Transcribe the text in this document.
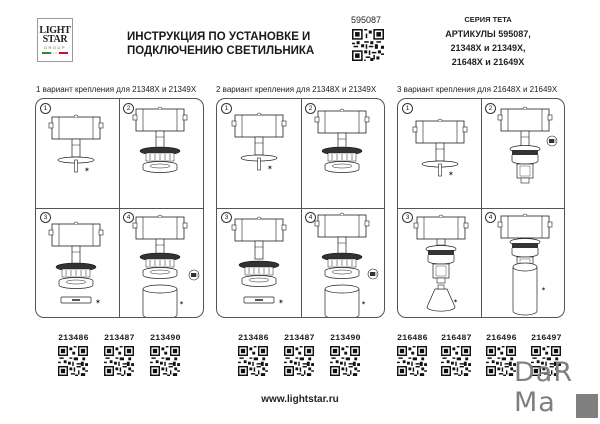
LIGHT
STAR
GROUP
ИНСТРУКЦИЯ ПО УСТАНОВКЕ И
ПОДКЛЮЧЕНИЮ СВЕТИЛЬНИКА
595087	СЕРИЯ TETA
АРТИКУЛЫ 595087,
21348X и 21349X,
21648X и 21649X
1 вариант крепления для 21348X и 21349X 2 вариант крепления для 21348X и 21349X	3 вариант крепления для 21648X и 21649X
1	2
3	4
1	2
3	4
1	2
3	4
213486 213487 213490	213486 213487 213490	216486 216487 216496 216497
www.lightstar.ru
DaR
Ma
